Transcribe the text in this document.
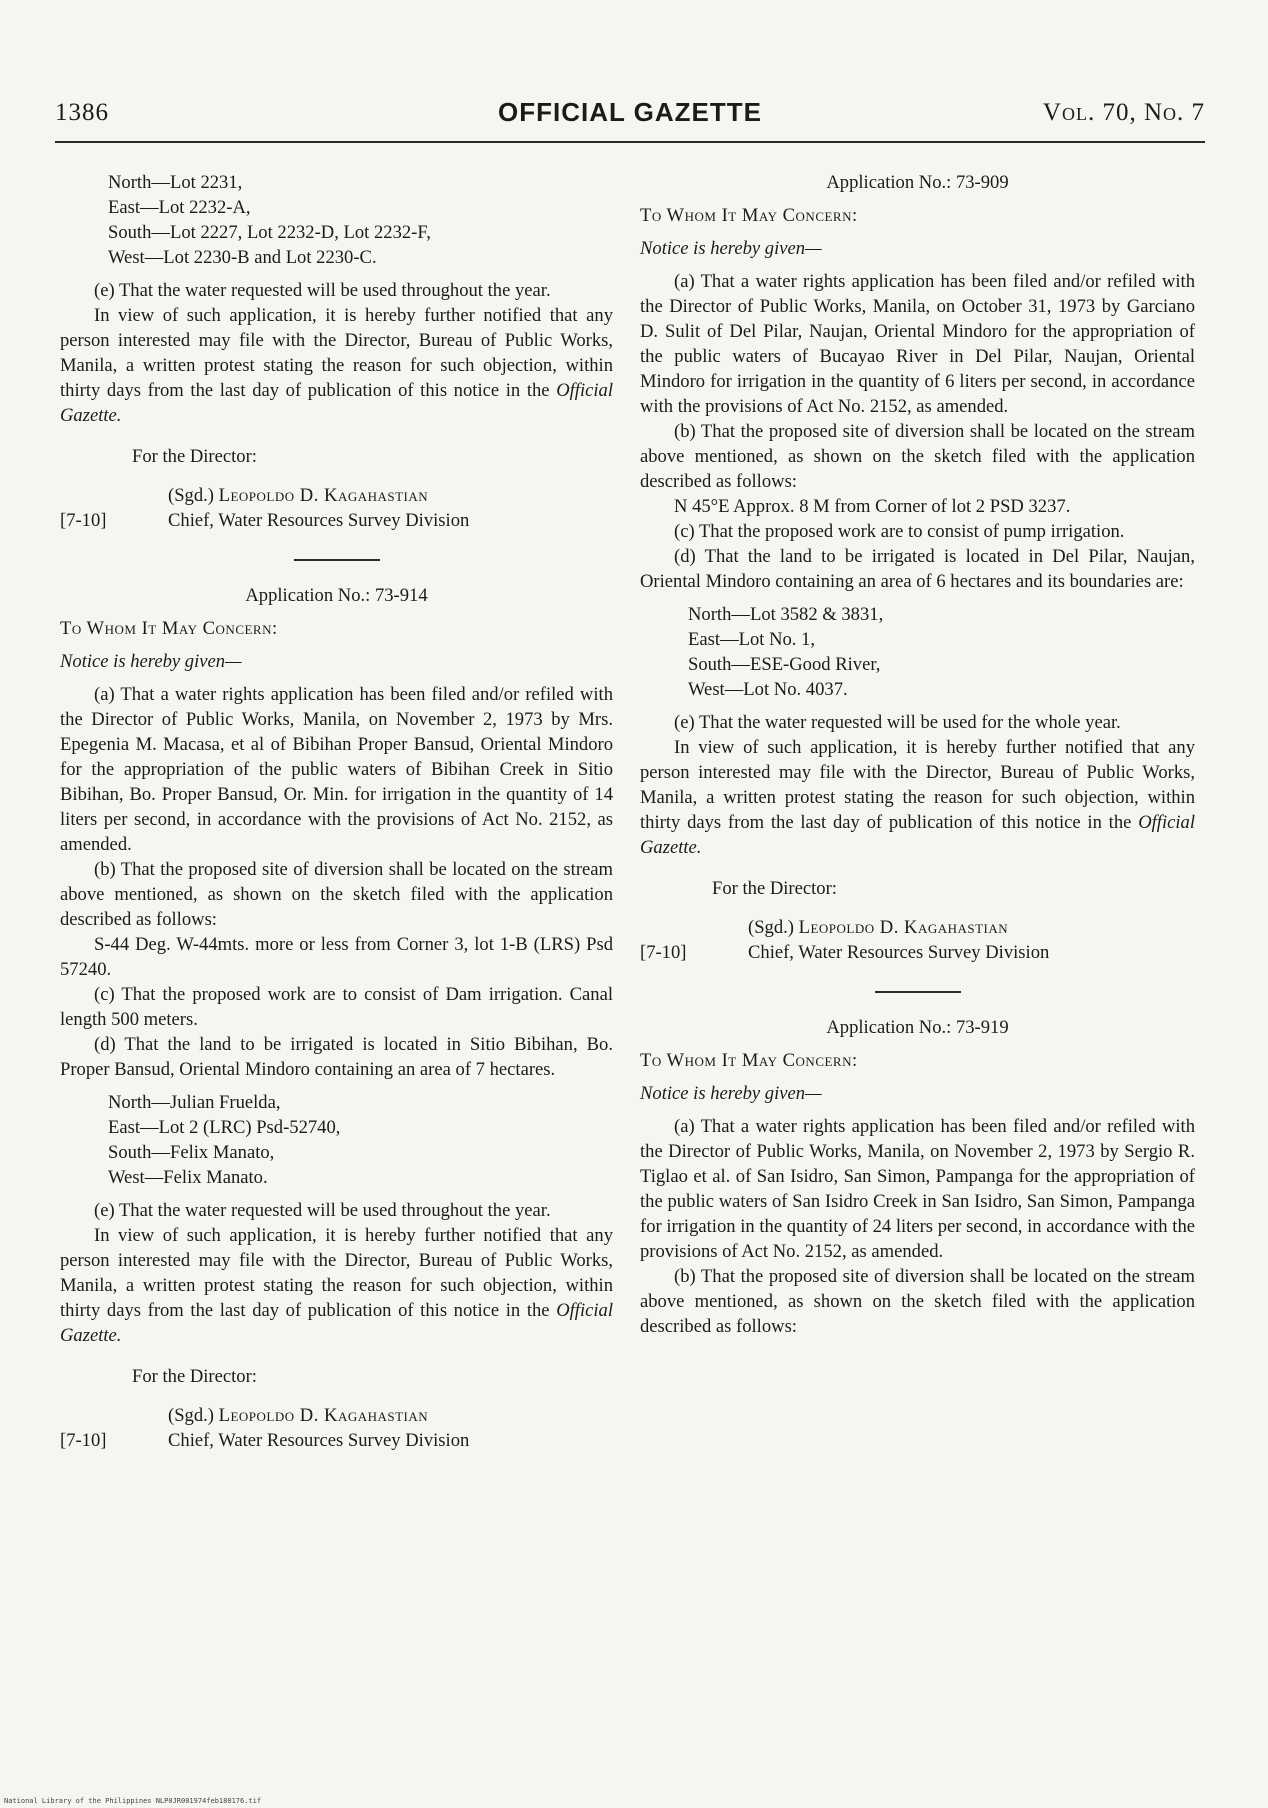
1386	OFFICIAL GAZETTE	Vol. 70, No. 7

North—Lot 2231,

East—Lot 2232-A,

South—Lot 2227, Lot 2232-D, Lot 2232-F,

West—Lot 2230-B and Lot 2230-C.

(e) That the water requested will be used throughout the year.

In view of such application, it is hereby further notified that any person interested may file with the Director, Bureau of Public Works, Manila, a written protest stating the reason for such objection, within thirty days from the last day of publication of this notice in the Official Gazette.

For the Director:

(Sgd.) Leopoldo D. Kagahastian
[7-10]	Chief, Water Resources Survey Division

Application No.: 73-914

To Whom It May Concern:

Notice is hereby given—

(a) That a water rights application has been filed and/or refiled with the Director of Public Works, Manila, on November 2, 1973 by Mrs. Epegenia M. Macasa, et al of Bibihan Proper Bansud, Oriental Mindoro for the appropriation of the public waters of Bibihan Creek in Sitio Bibihan, Bo. Proper Bansud, Or. Min. for irrigation in the quantity of 14 liters per second, in accordance with the provisions of Act No. 2152, as amended.

(b) That the proposed site of diversion shall be located on the stream above mentioned, as shown on the sketch filed with the application described as follows:

S-44 Deg. W-44mts. more or less from Corner 3, lot 1-B (LRS) Psd 57240.

(c) That the proposed work are to consist of Dam irrigation. Canal length 500 meters.

(d) That the land to be irrigated is located in Sitio Bibihan, Bo. Proper Bansud, Oriental Mindoro containing an area of 7 hectares.

North—Julian Fruelda,

East—Lot 2 (LRC) Psd-52740,

South—Felix Manato,

West—Felix Manato.

(e) That the water requested will be used throughout the year.

In view of such application, it is hereby further notified that any person interested may file with the Director, Bureau of Public Works, Manila, a written protest stating the reason for such objection, within thirty days from the last day of publication of this notice in the Official Gazette.

For the Director:

(Sgd.) Leopoldo D. Kagahastian
[7-10]	Chief, Water Resources Survey Division

Application No.: 73-909

To Whom It May Concern:

Notice is hereby given—

(a) That a water rights application has been filed and/or refiled with the Director of Public Works, Manila, on October 31, 1973 by Garciano D. Sulit of Del Pilar, Naujan, Oriental Mindoro for the appropriation of the public waters of Bucayao River in Del Pilar, Naujan, Oriental Mindoro for irrigation in the quantity of 6 liters per second, in accordance with the provisions of Act No. 2152, as amended.

(b) That the proposed site of diversion shall be located on the stream above mentioned, as shown on the sketch filed with the application described as follows:

N 45°E Approx. 8 M from Corner of lot 2 PSD 3237.

(c) That the proposed work are to consist of pump irrigation.

(d) That the land to be irrigated is located in Del Pilar, Naujan, Oriental Mindoro containing an area of 6 hectares and its boundaries are:

North—Lot 3582 & 3831,

East—Lot No. 1,

South—ESE-Good River,

West—Lot No. 4037.

(e) That the water requested will be used for the whole year.

In view of such application, it is hereby further notified that any person interested may file with the Director, Bureau of Public Works, Manila, a written protest stating the reason for such objection, within thirty days from the last day of publication of this notice in the Official Gazette.

For the Director:

(Sgd.) Leopoldo D. Kagahastian
[7-10]	Chief, Water Resources Survey Division

Application No.: 73-919

To Whom It May Concern:

Notice is hereby given—

(a) That a water rights application has been filed and/or refiled with the Director of Public Works, Manila, on November 2, 1973 by Sergio R. Tiglao et al. of San Isidro, San Simon, Pampanga for the appropriation of the public waters of San Isidro Creek in San Isidro, San Simon, Pampanga for irrigation in the quantity of 24 liters per second, in accordance with the provisions of Act No. 2152, as amended.

(b) That the proposed site of diversion shall be located on the stream above mentioned, as shown on the sketch filed with the application described as follows:

National Library of the Philippines NLP0JR001974feb180176.tif
